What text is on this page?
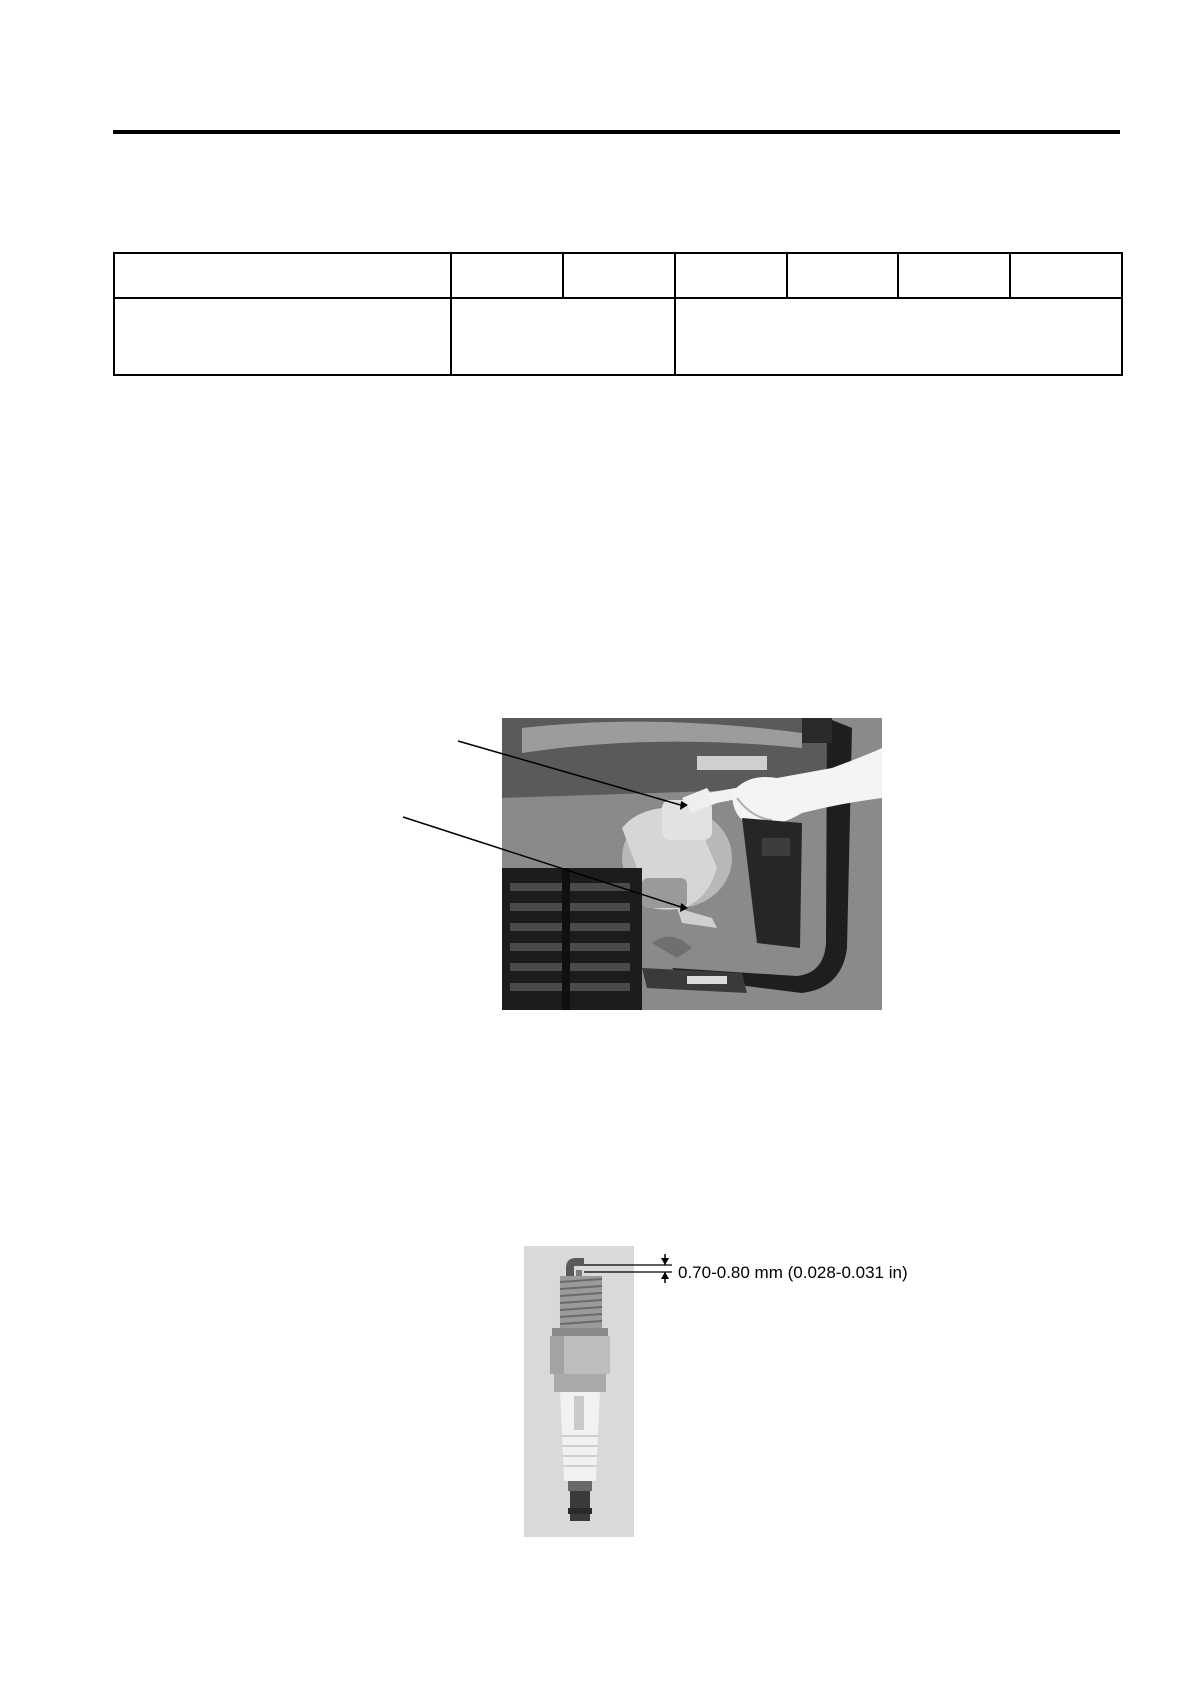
0.70-0.80 mm (0.028-0.031 in)
